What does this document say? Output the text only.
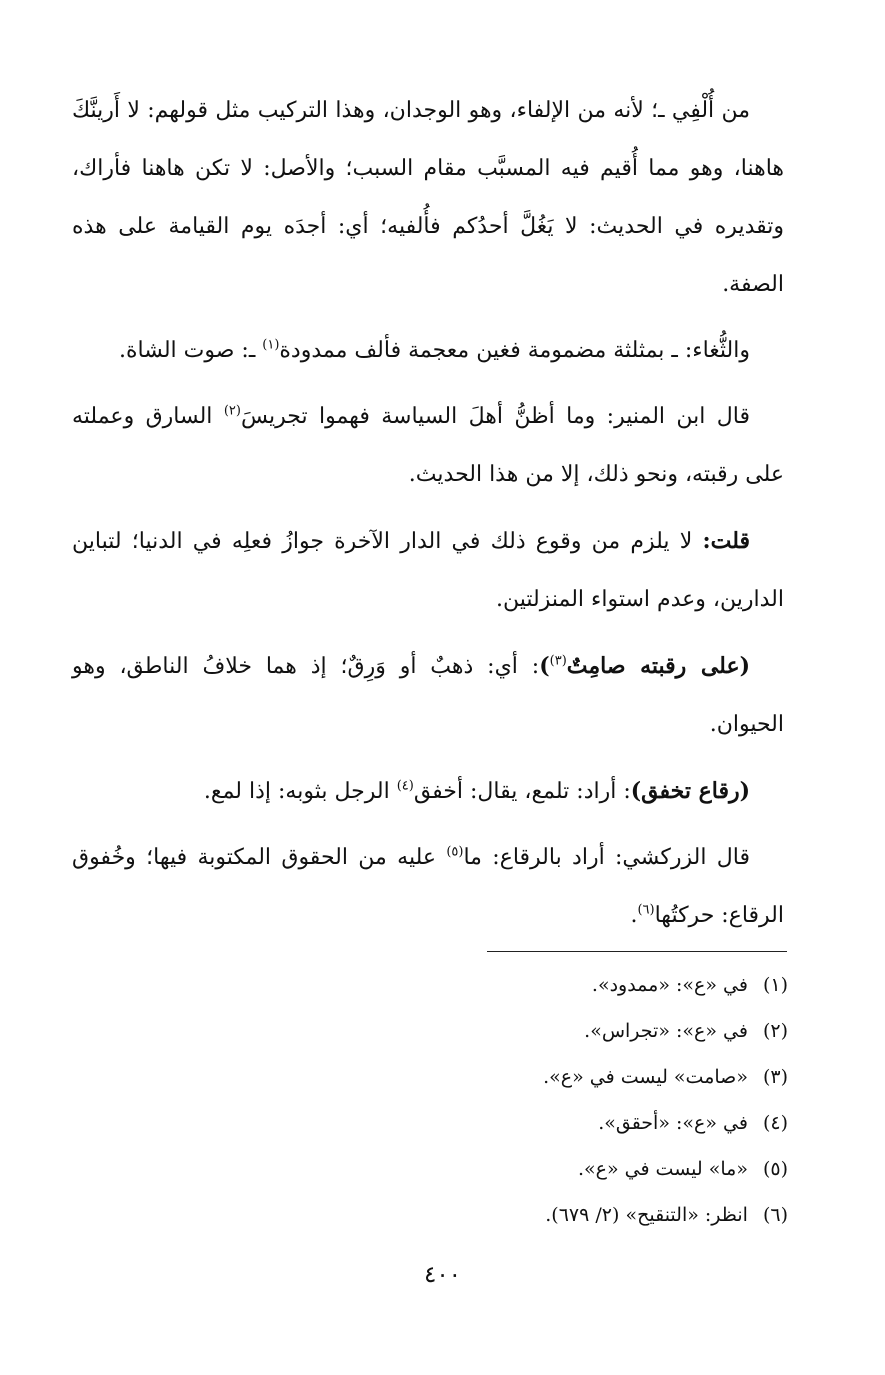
من أُلْفِي ـ؛ لأنه من الإلفاء، وهو الوجدان، وهذا التركيب مثل قولهم: لا أَرينَّكَ هاهنا، وهو مما أُقيم فيه المسبَّب مقام السبب؛ والأصل: لا تكن هاهنا فأراك، وتقديره في الحديث: لا يَغُلَّ أحدُكم فأُلفيه؛ أي: أجدَه يوم القيامة على هذه الصفة.

والثُّغاء: ـ بمثلثة مضمومة فغين معجمة فألف ممدودة$^{(١)}$ ـ: صوت الشاة.

قال ابن المنير: وما أظنُّ أهلَ السياسة فهموا تجريسَ$^{(٢)}$ السارق وعملته على رقبته، ونحو ذلك، إلا من هذا الحديث.

قلت: لا يلزم من وقوع ذلك في الدار الآخرة جوازُ فعلِه في الدنيا؛ لتباين الدارين، وعدم استواء المنزلتين.

(على رقبته صامِتٌ$^{(٣)}$): أي: ذهبٌ أو وَرِقٌ؛ إذ هما خلافُ الناطق، وهو الحيوان.

(رقاع تخفق): أراد: تلمع، يقال: أخفق$^{(٤)}$ الرجل بثوبه: إذا لمع.

قال الزركشي: أراد بالرقاع: ما$^{(٥)}$ عليه من الحقوق المكتوبة فيها؛ وخُفوق الرقاع: حركتُها$^{(٦)}$.

(١) في «ع»: «ممدود».
(٢) في «ع»: «تجراس».
(٣) «صامت» ليست في «ع».
(٤) في «ع»: «أحقق».
(٥) «ما» ليست في «ع».
(٦) انظر: «التنقيح» (٢/ ٦٧٩).
٤٠٠
